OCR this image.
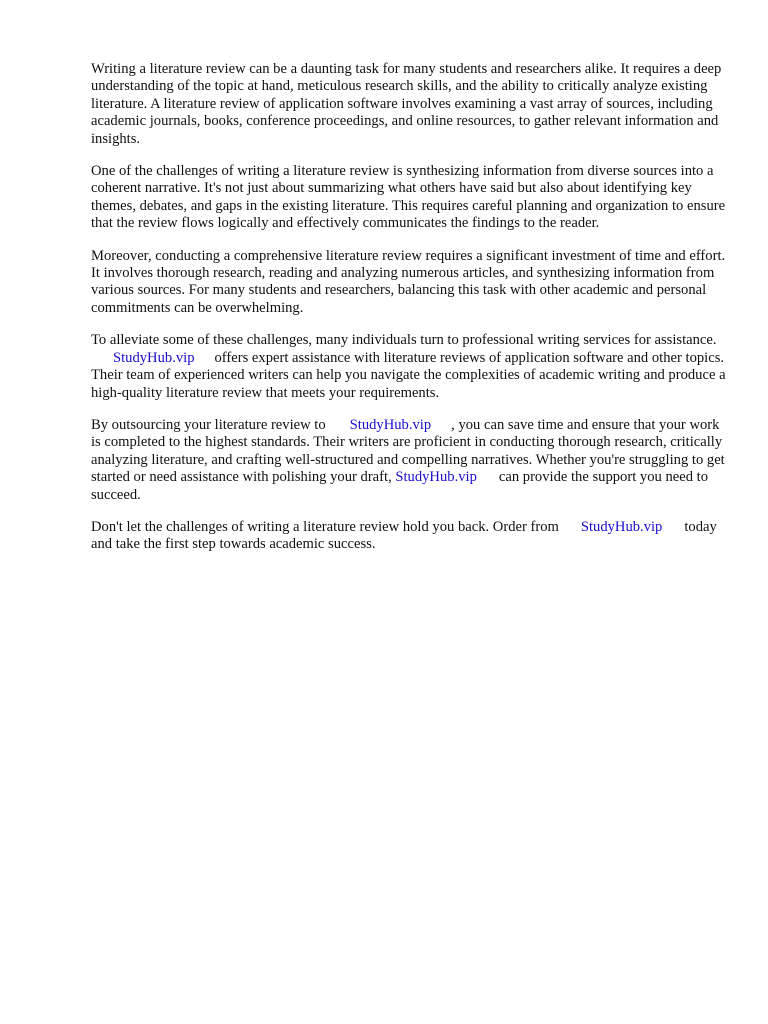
Writing a literature review can be a daunting task for many students and researchers alike. It requires a deep understanding of the topic at hand, meticulous research skills, and the ability to critically analyze existing literature. A literature review of application software involves examining a vast array of sources, including academic journals, books, conference proceedings, and online resources, to gather relevant information and insights.

One of the challenges of writing a literature review is synthesizing information from diverse sources into a coherent narrative. It's not just about summarizing what others have said but also about identifying key themes, debates, and gaps in the existing literature. This requires careful planning and organization to ensure that the review flows logically and effectively communicates the findings to the reader.

Moreover, conducting a comprehensive literature review requires a significant investment of time and effort. It involves thorough research, reading and analyzing numerous articles, and synthesizing information from various sources. For many students and researchers, balancing this task with other academic and personal commitments can be overwhelming.

To alleviate some of these challenges, many individuals turn to professional writing services for assistance.StudyHub.vip offers expert assistance with literature reviews of application software and other topics. Their team of experienced writers can help you navigate the complexities of academic writing and produce a high-quality literature review that meets your requirements.

By outsourcing your literature review to StudyHub.vip , you can save time and ensure that your work is completed to the highest standards. Their writers are proficient in conducting thorough research, critically analyzing literature, and crafting well-structured and compelling narratives. Whether you're struggling to get started or need assistance with polishing your draft, StudyHub.vip can provide the support you need to succeed.

Don't let the challenges of writing a literature review hold you back. Order from StudyHub.vip today and take the first step towards academic success.
